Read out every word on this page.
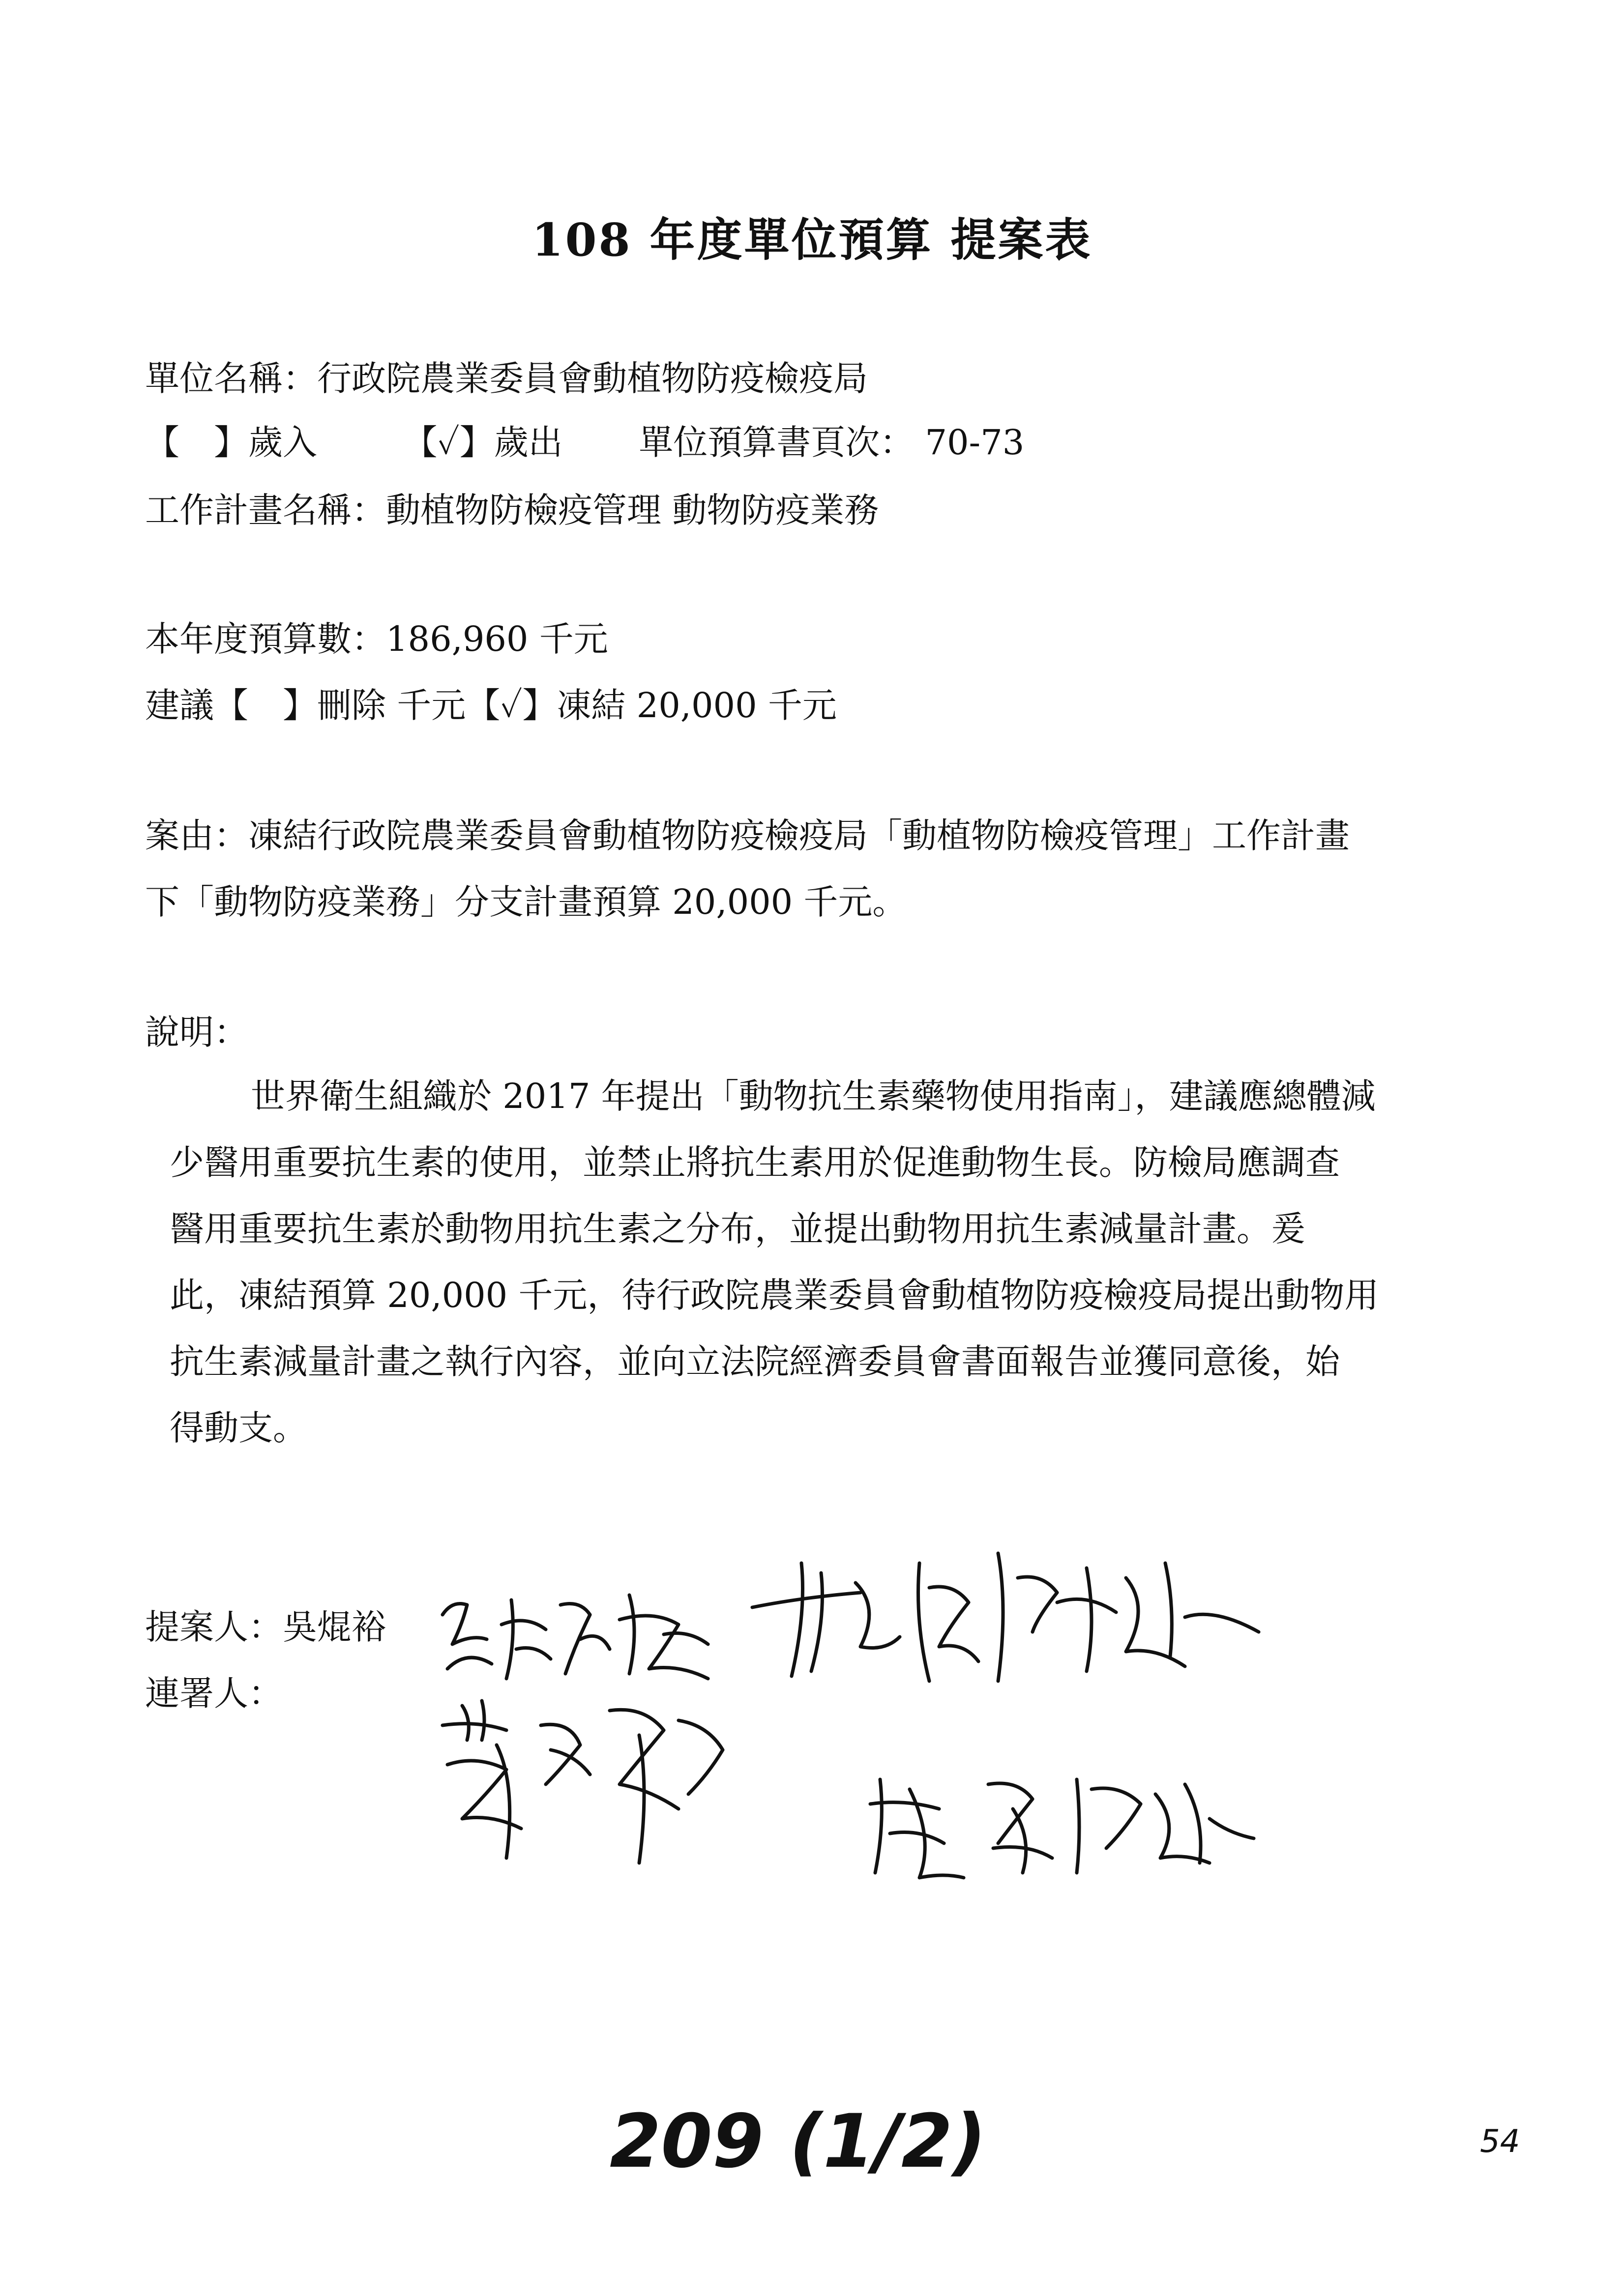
108 年度單位預算 提案表
單位名稱：行政院農業委員會動植物防疫檢疫局
【　】歲入 【✓】歲出 單位預算書頁次： 70-73
工作計畫名稱：動植物防檢疫管理 動物防疫業務
本年度預算數：186,960 千元
建議【　】刪除 千元【✓】凍結 20,000 千元
案由：凍結行政院農業委員會動植物防疫檢疫局「動植物防檢疫管理」工作計畫
下「動物防疫業務」分支計畫預算 20,000 千元。
說明：
世界衛生組織於 2017 年提出「動物抗生素藥物使用指南」，建議應總體減
少醫用重要抗生素的使用，並禁止將抗生素用於促進動物生長。防檢局應調查
醫用重要抗生素於動物用抗生素之分布，並提出動物用抗生素減量計畫。爰
此，凍結預算 20,000 千元，待行政院農業委員會動植物防疫檢疫局提出動物用
抗生素減量計畫之執行內容，並向立法院經濟委員會書面報告並獲同意後，始
得動支。
提案人：吳焜裕
連署人：
209 (1/2)	54
